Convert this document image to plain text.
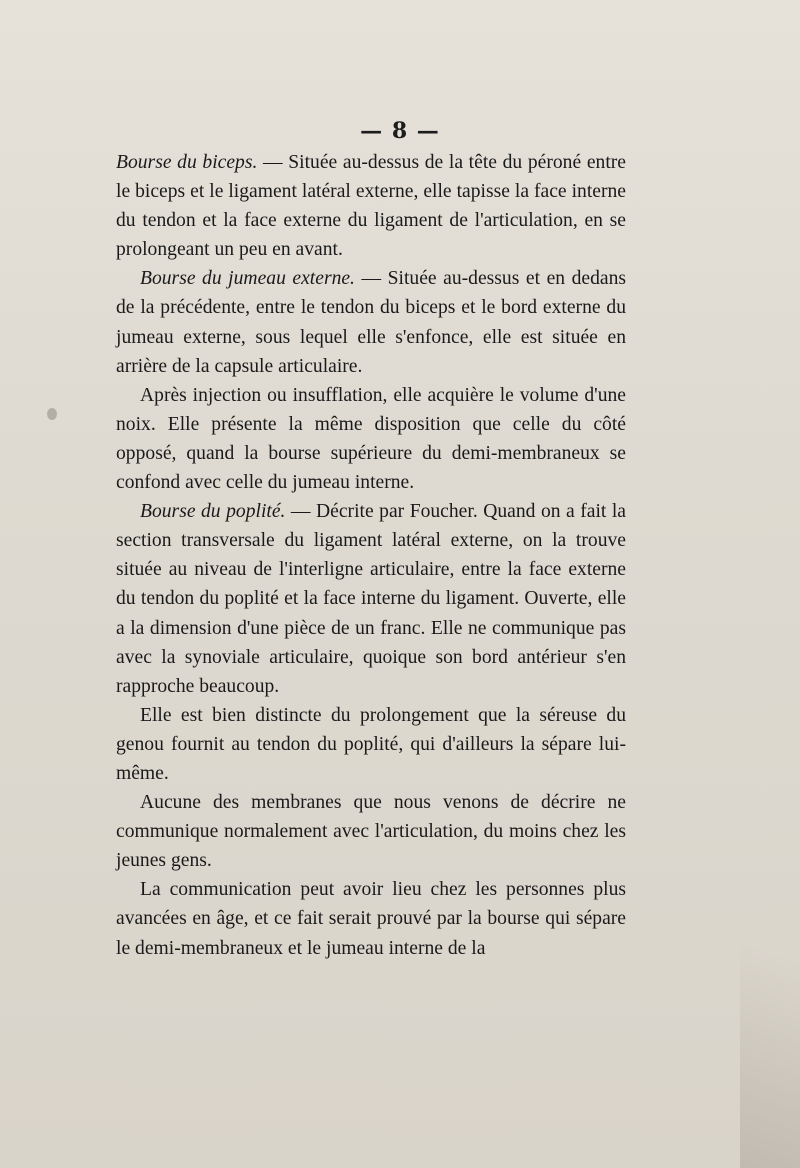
— 8 —

Bourse du biceps. — Située au-dessus de la tête du péroné entre le biceps et le ligament latéral externe, elle tapisse la face interne du tendon et la face externe du ligament de l'articulation, en se prolongeant un peu en avant.

Bourse du jumeau externe. — Située au-dessus et en dedans de la précédente, entre le tendon du biceps et le bord externe du jumeau externe, sous lequel elle s'enfonce, elle est située en arrière de la capsule articulaire.

Après injection ou insufflation, elle acquière le volume d'une noix. Elle présente la même disposition que celle du côté opposé, quand la bourse supérieure du demi-membraneux se confond avec celle du jumeau interne.

Bourse du poplité. — Décrite par Foucher. Quand on a fait la section transversale du ligament latéral externe, on la trouve située au niveau de l'interligne articulaire, entre la face externe du tendon du poplité et la face interne du ligament. Ouverte, elle a la dimension d'une pièce de un franc. Elle ne communique pas avec la synoviale articulaire, quoique son bord antérieur s'en rapproche beaucoup.

Elle est bien distincte du prolongement que la séreuse du genou fournit au tendon du poplité, qui d'ailleurs la sépare lui-même.

Aucune des membranes que nous venons de décrire ne communique normalement avec l'articulation, du moins chez les jeunes gens.

La communication peut avoir lieu chez les personnes plus avancées en âge, et ce fait serait prouvé par la bourse qui sépare le demi-membraneux et le jumeau interne de la
